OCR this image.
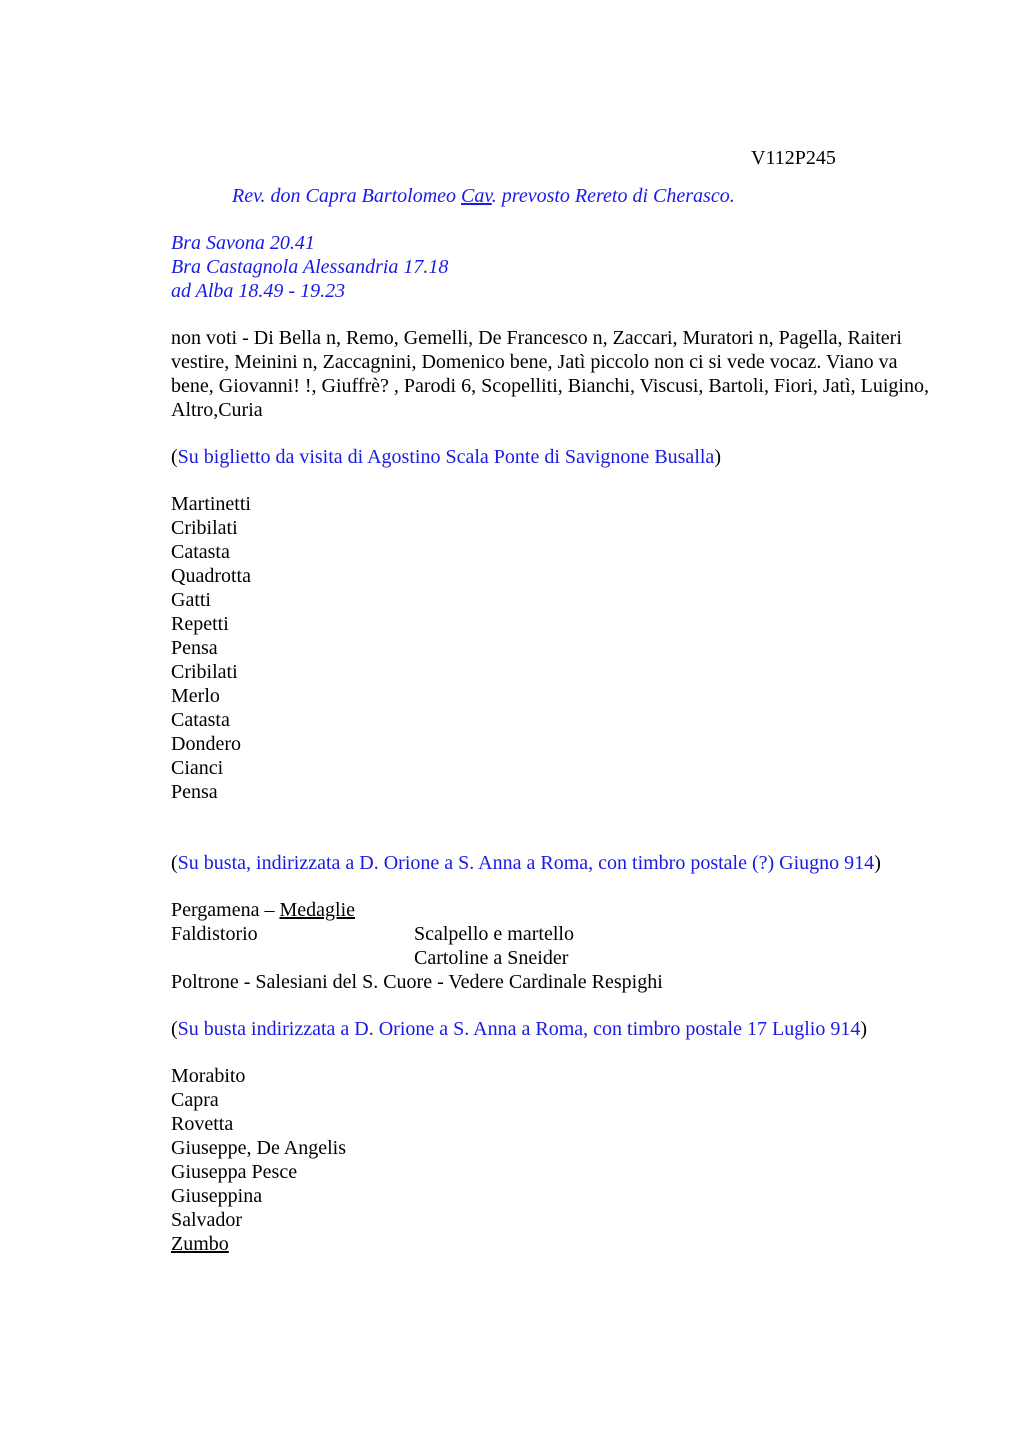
V112P245
Rev. don Capra Bartolomeo Cav. prevosto Rereto di Cherasco.
Bra Savona 20.41
Bra Castagnola Alessandria 17.18
ad Alba 18.49 - 19.23
non voti - Di Bella n, Remo, Gemelli, De Francesco n, Zaccari, Muratori n, Pagella, Raiteri vestire, Meinini n, Zaccagnini, Domenico bene, Jatì piccolo non ci si vede vocaz. Viano va bene, Giovanni! !, Giuffrè? , Parodi 6, Scopelliti, Bianchi, Viscusi, Bartoli, Fiori, Jatì, Luigino, Altro,Curia
(Su biglietto da visita di Agostino Scala Ponte di Savignone Busalla)
Martinetti
Cribilati
Catasta
Quadrotta
Gatti
Repetti
Pensa
Cribilati
Merlo
Catasta
Dondero
Cianci
Pensa
(Su busta, indirizzata a D. Orione a S. Anna a Roma, con timbro postale (?) Giugno 914)
Pergamena –
Medaglie
Faldistorio	Scalpello e martello
Cartoline a Sneider
Poltrone - Salesiani del S. Cuore - Vedere Cardinale Respighi
(Su busta indirizzata a D. Orione a S. Anna a Roma, con timbro postale 17 Luglio 914)
Morabito
Capra
Rovetta
Giuseppe, De Angelis
Giuseppa Pesce
Giuseppina
Salvador
Zumbo
